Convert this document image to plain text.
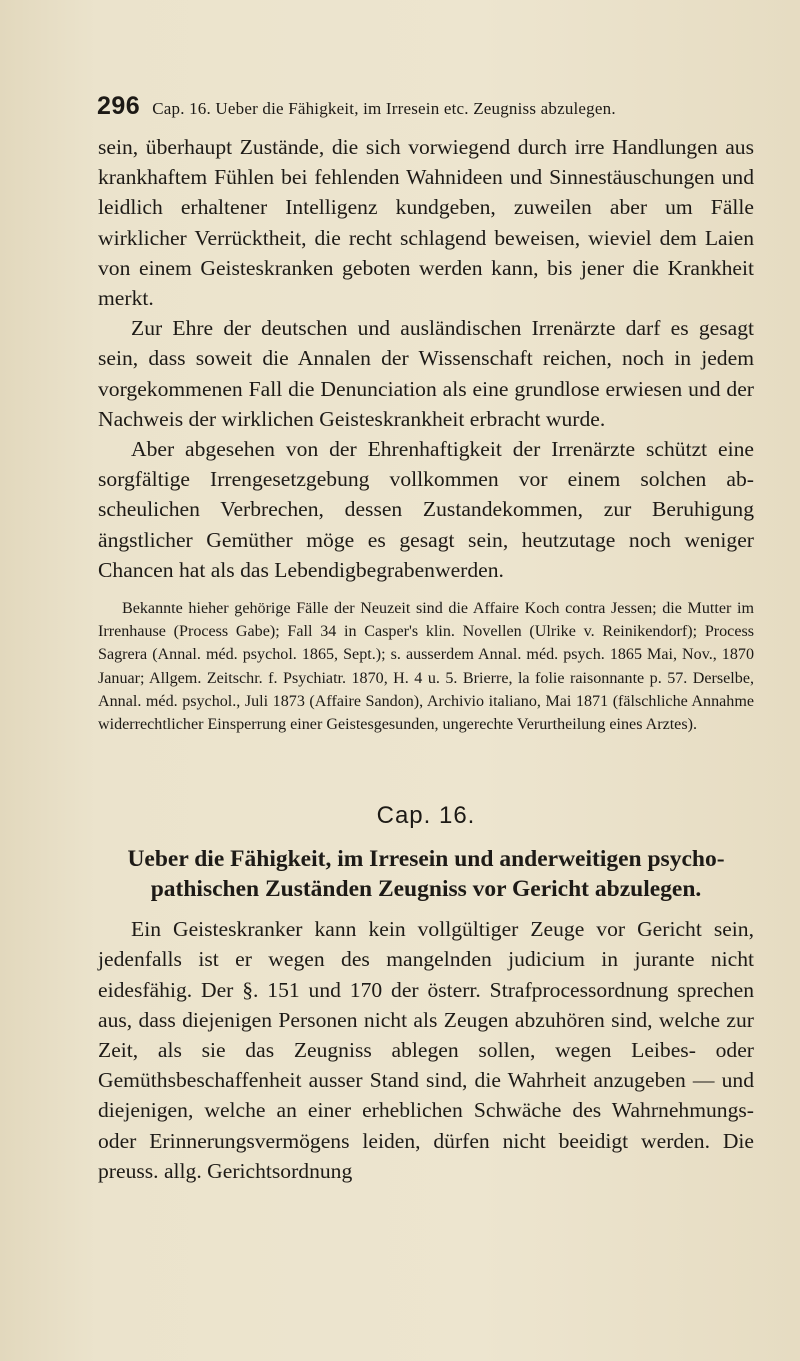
296 Cap. 16. Ueber die Fähigkeit, im Irresein etc. Zeugniss abzulegen.

sein, überhaupt Zustände, die sich vorwiegend durch irre Handlungen aus krankhaftem Fühlen bei fehlenden Wahnideen und Sinnestäuschungen und leidlich erhaltener Intelligenz kundgeben, zuweilen aber um Fälle wirklicher Verrücktheit, die recht schlagend beweisen, wieviel dem Laien von einem Geisteskranken geboten werden kann, bis jener die Krankheit merkt.

Zur Ehre der deutschen und ausländischen Irrenärzte darf es gesagt sein, dass soweit die Annalen der Wissenschaft reichen, noch in jedem vorgekommenen Fall die Denunciation als eine grundlose erwiesen und der Nachweis der wirklichen Geisteskrankheit erbracht wurde.

Aber abgesehen von der Ehrenhaftigkeit der Irrenärzte schützt eine sorgfältige Irrengesetzgebung vollkommen vor einem solchen abscheulichen Verbrechen, dessen Zustandekommen, zur Beruhigung ängstlicher Gemüther möge es gesagt sein, heutzutage noch weniger Chancen hat als das Lebendigbegrabenwerden.

Bekannte hieher gehörige Fälle der Neuzeit sind die Affaire Koch contra Jessen; die Mutter im Irrenhause (Process Gabe); Fall 34 in Casper's klin. Novellen (Ulrike v. Reinikendorf); Process Sagrera (Annal. méd. psychol. 1865, Sept.); s. ausserdem Annal. méd. psych. 1865 Mai, Nov., 1870 Januar; Allgem. Zeitschr. f. Psychiatr. 1870, H. 4 u. 5. Brierre, la folie raisonnante p. 57. Derselbe, Annal. méd. psychol., Juli 1873 (Affaire Sandon), Archivio italiano, Mai 1871 (fälschliche Annahme widerrechtlicher Einsperrung einer Geistesgesunden, ungerechte Verurtheilung eines Arztes).

Cap. 16.
Ueber die Fähigkeit, im Irresein und anderweitigen psychopathischen Zuständen Zeugniss vor Gericht abzulegen.

Ein Geisteskranker kann kein vollgültiger Zeuge vor Gericht sein, jedenfalls ist er wegen des mangelnden judicium in jurante nicht eidesfähig. Der §. 151 und 170 der österr. Strafprocessordnung sprechen aus, dass diejenigen Personen nicht als Zeugen abzuhören sind, welche zur Zeit, als sie das Zeugniss ablegen sollen, wegen Leibes- oder Gemüthsbeschaffenheit ausser Stand sind, die Wahrheit anzugeben — und diejenigen, welche an einer erheblichen Schwäche des Wahrnehmungs- oder Erinnerungsvermögens leiden, dürfen nicht beeidigt werden. Die preuss. allg. Gerichtsordnung
